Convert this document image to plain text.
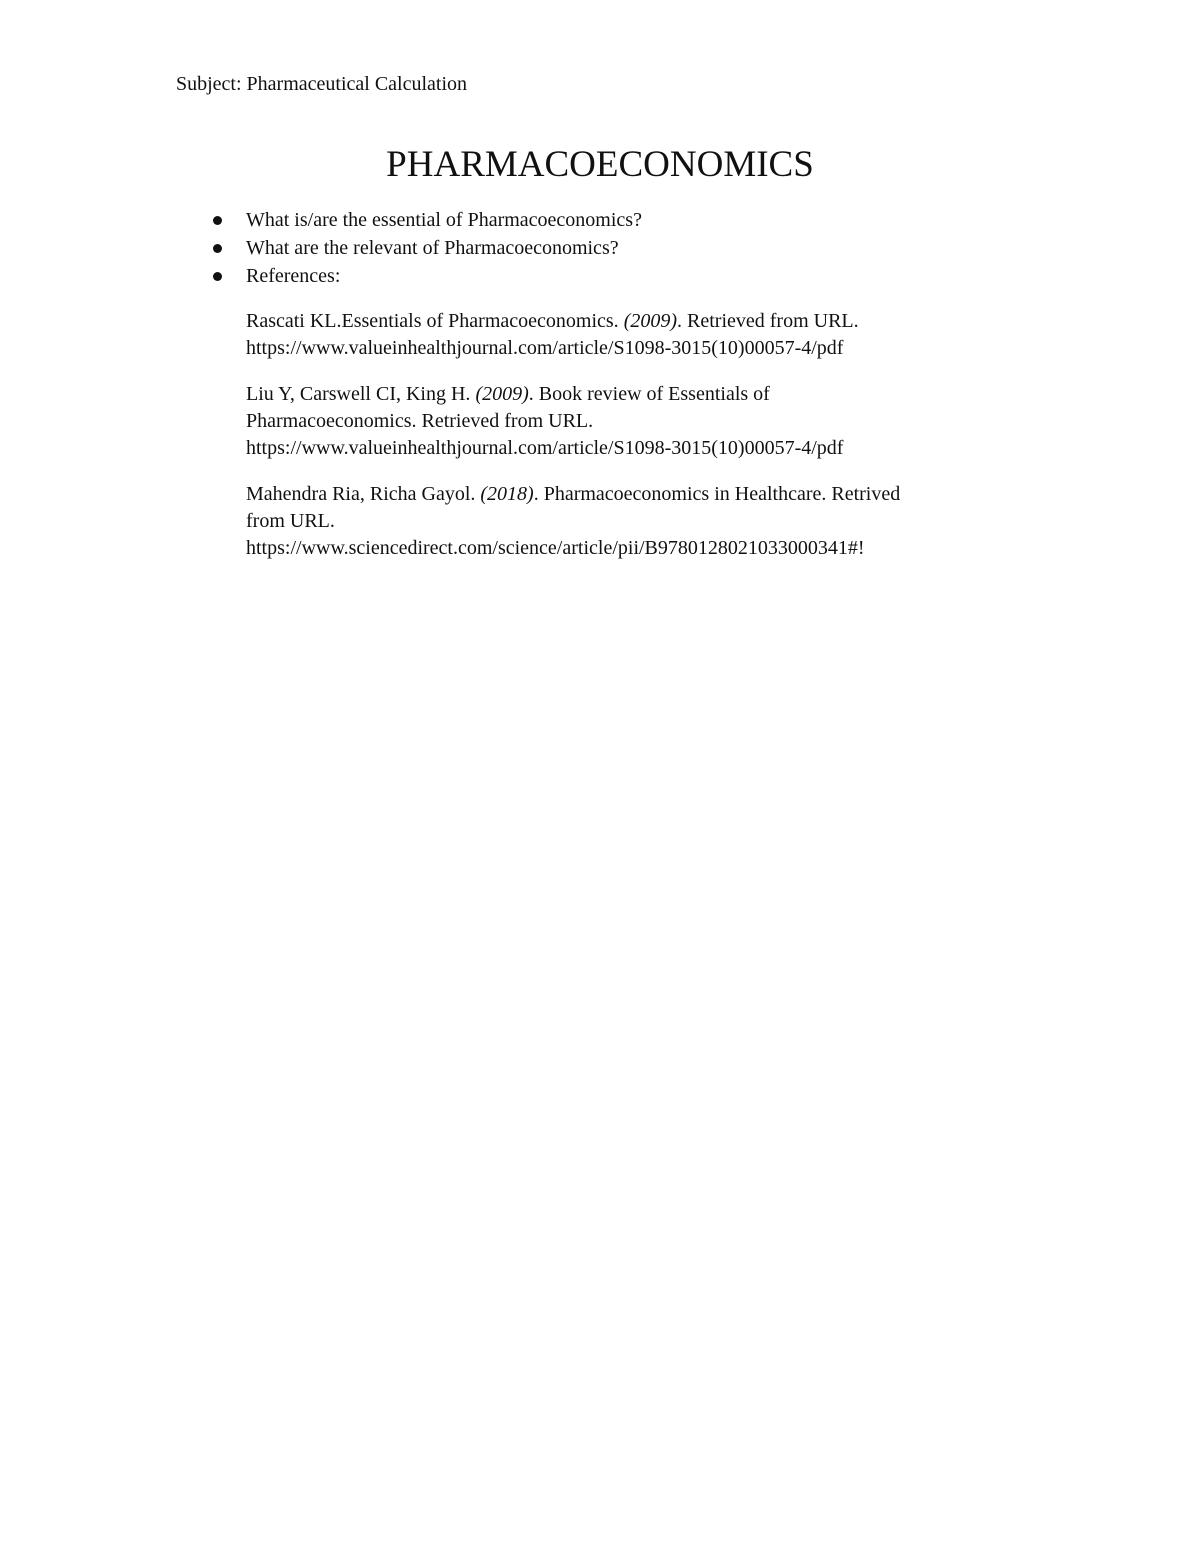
Subject: Pharmaceutical Calculation
PHARMACOECONOMICS
What is/are the essential of Pharmacoeconomics?
What are the relevant of Pharmacoeconomics?
References:
Rascati KL.Essentials of Pharmacoeconomics. (2009). Retrieved from URL.
https://www.valueinhealthjournal.com/article/S1098-3015(10)00057-4/pdf
Liu Y, Carswell CI, King H. (2009). Book review of Essentials of
Pharmacoeconomics. Retrieved from URL.
https://www.valueinhealthjournal.com/article/S1098-3015(10)00057-4/pdf
Mahendra Ria, Richa Gayol. (2018). Pharmacoeconomics in Healthcare. Retrived
from URL.
https://www.sciencedirect.com/science/article/pii/B9780128021033000341#!
